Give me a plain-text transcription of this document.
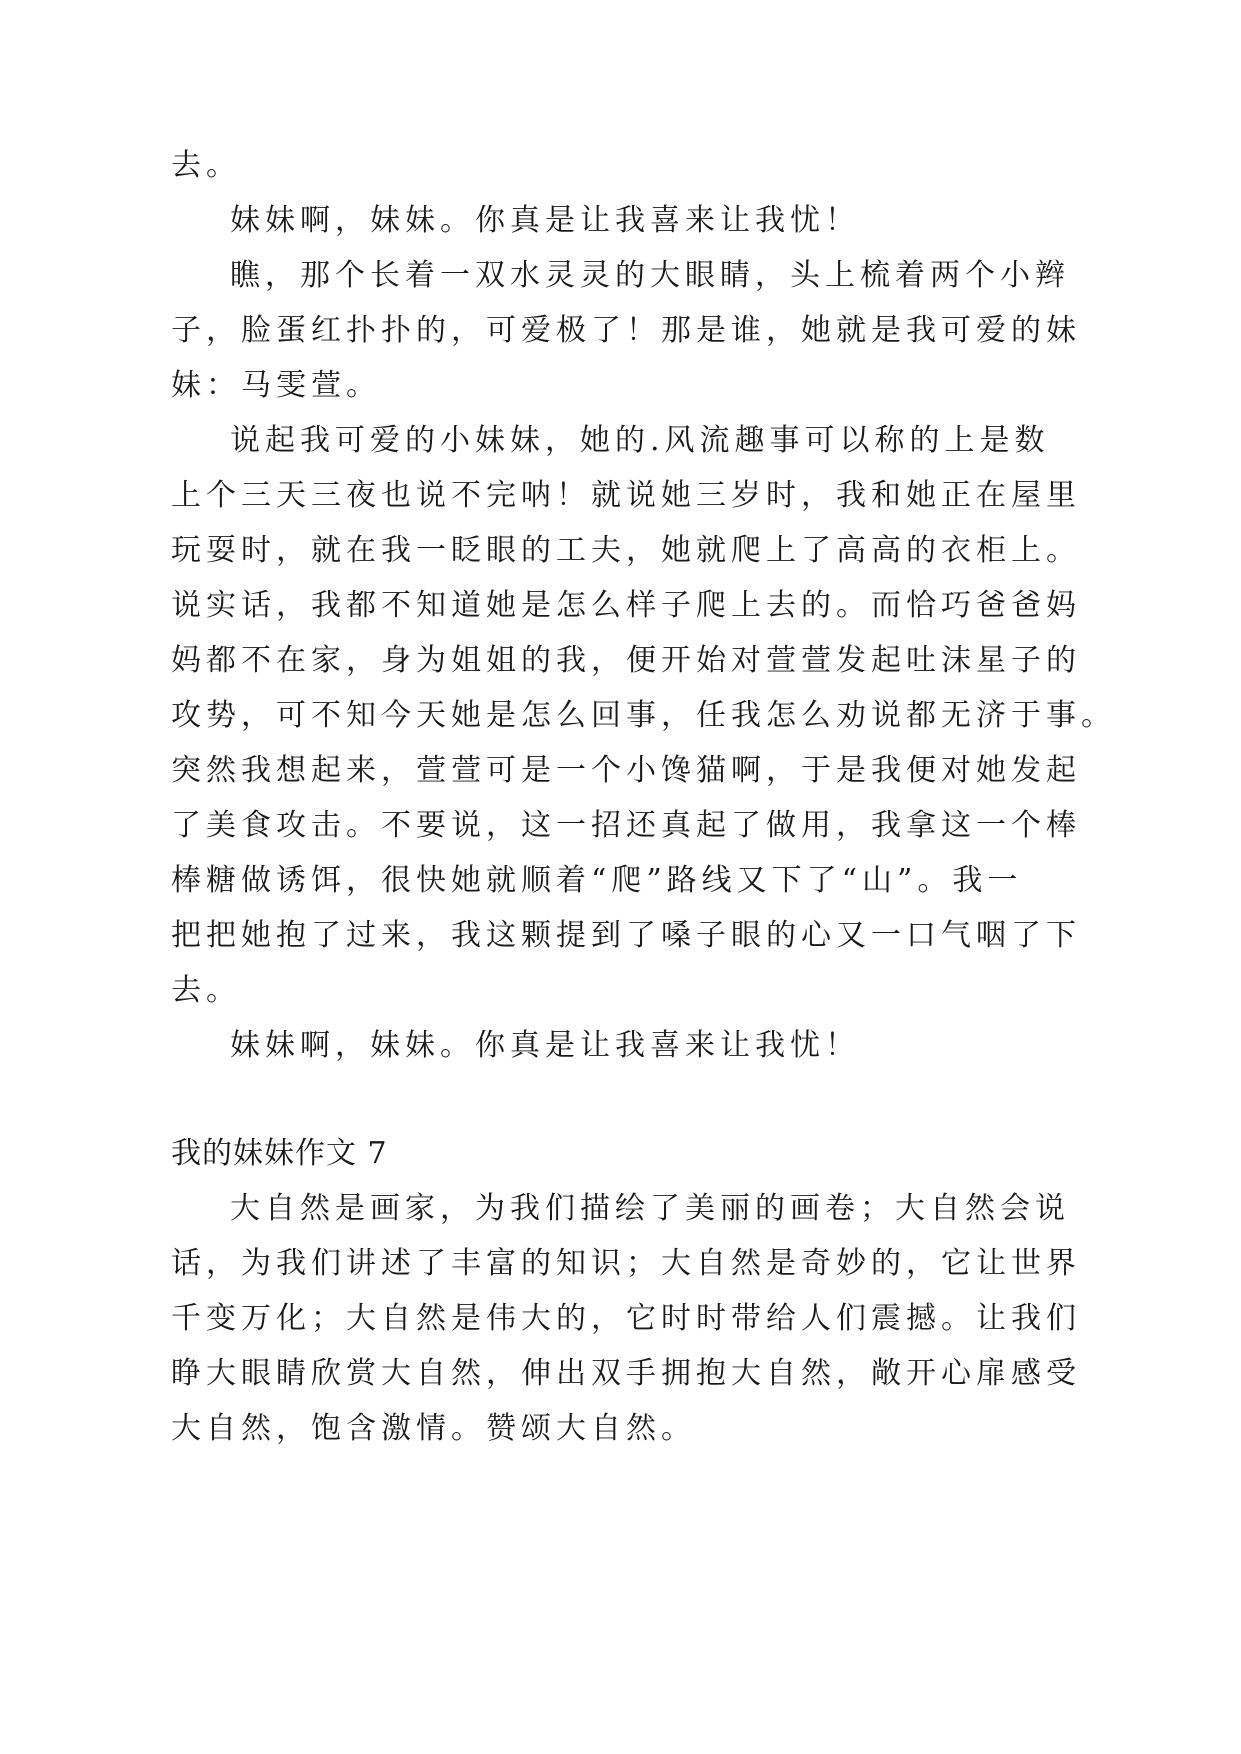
去。
妹妹啊，妹妹。你真是让我喜来让我忧！
瞧，那个长着一双水灵灵的大眼睛，头上梳着两个小辫
子，脸蛋红扑扑的，可爱极了！那是谁，她就是我可爱的妹
妹：马雯萱。
说起我可爱的小妹妹，她的.风流趣事可以称的上是数
上个三天三夜也说不完呐！就说她三岁时，我和她正在屋里
玩耍时，就在我一眨眼的工夫，她就爬上了高高的衣柜上。
说实话，我都不知道她是怎么样子爬上去的。而恰巧爸爸妈
妈都不在家，身为姐姐的我，便开始对萱萱发起吐沫星子的
攻势，可不知今天她是怎么回事，任我怎么劝说都无济于事。
突然我想起来，萱萱可是一个小馋猫啊，于是我便对她发起
了美食攻击。不要说，这一招还真起了做用，我拿这一个棒
棒糖做诱饵，很快她就顺着“爬”路线又下了“山”。我一
把把她抱了过来，我这颗提到了嗓子眼的心又一口气咽了下
去。
妹妹啊，妹妹。你真是让我喜来让我忧！
我的妹妹作文 7
大自然是画家，为我们描绘了美丽的画卷；大自然会说
话，为我们讲述了丰富的知识；大自然是奇妙的，它让世界
千变万化；大自然是伟大的，它时时带给人们震撼。让我们
睁大眼睛欣赏大自然，伸出双手拥抱大自然，敞开心扉感受
大自然，饱含激情。赞颂大自然。
